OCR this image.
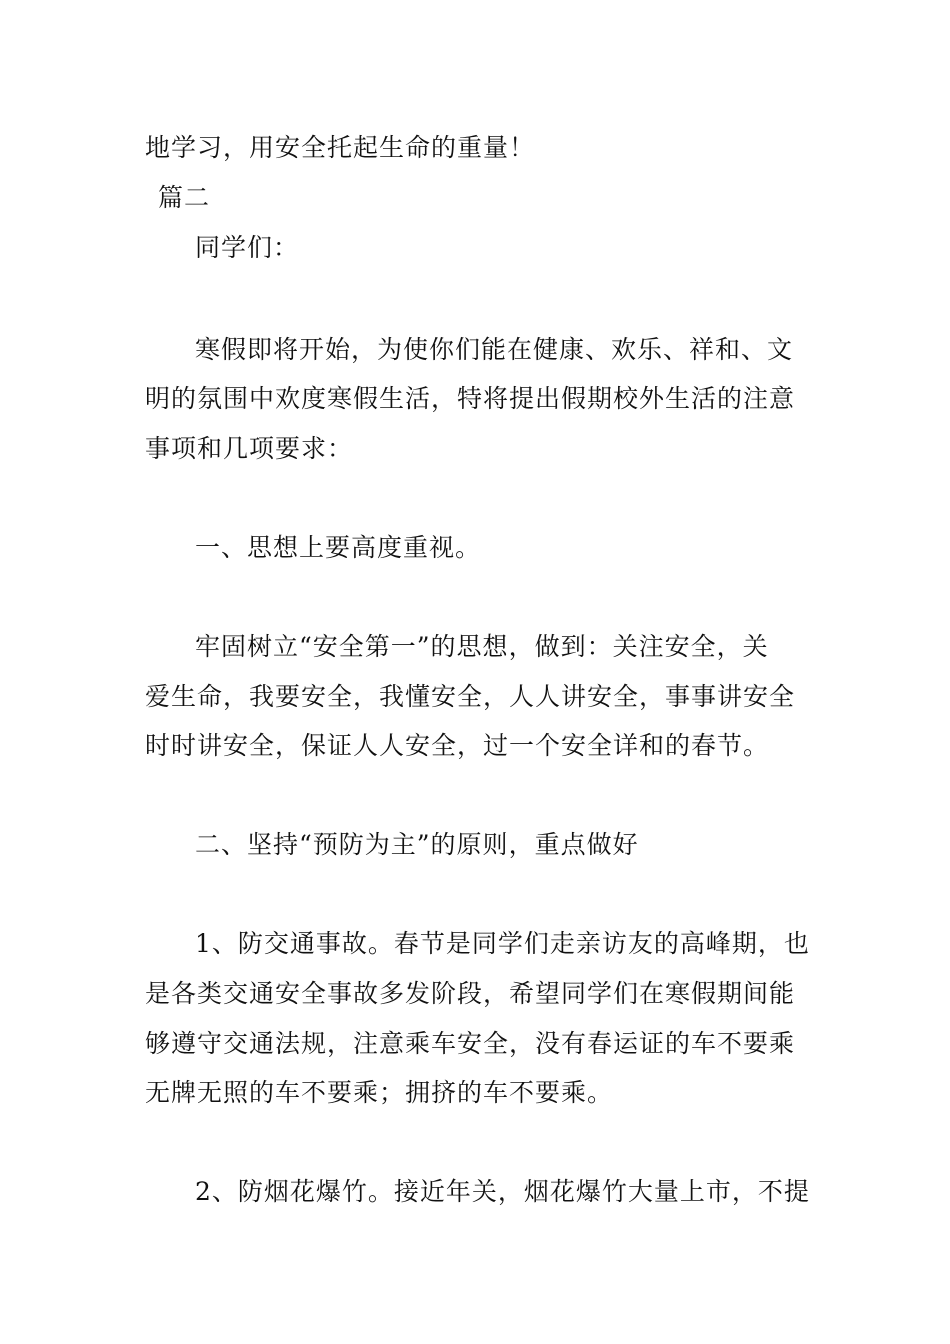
地学习，用安全托起生命的重量！
篇二
同学们：
寒假即将开始，为使你们能在健康、欢乐、祥和、文
明的氛围中欢度寒假生活，特将提出假期校外生活的注意
事项和几项要求：
一、思想上要高度重视。
牢固树立“安全第一”的思想，做到：关注安全，关
爱生命，我要安全，我懂安全，人人讲安全，事事讲安全
时时讲安全，保证人人安全，过一个安全详和的春节。
二、坚持“预防为主”的原则，重点做好
1、防交通事故。春节是同学们走亲访友的高峰期，也
是各类交通安全事故多发阶段，希望同学们在寒假期间能
够遵守交通法规，注意乘车安全，没有春运证的车不要乘
无牌无照的车不要乘；拥挤的车不要乘。
2、防烟花爆竹。接近年关，烟花爆竹大量上市，不提
